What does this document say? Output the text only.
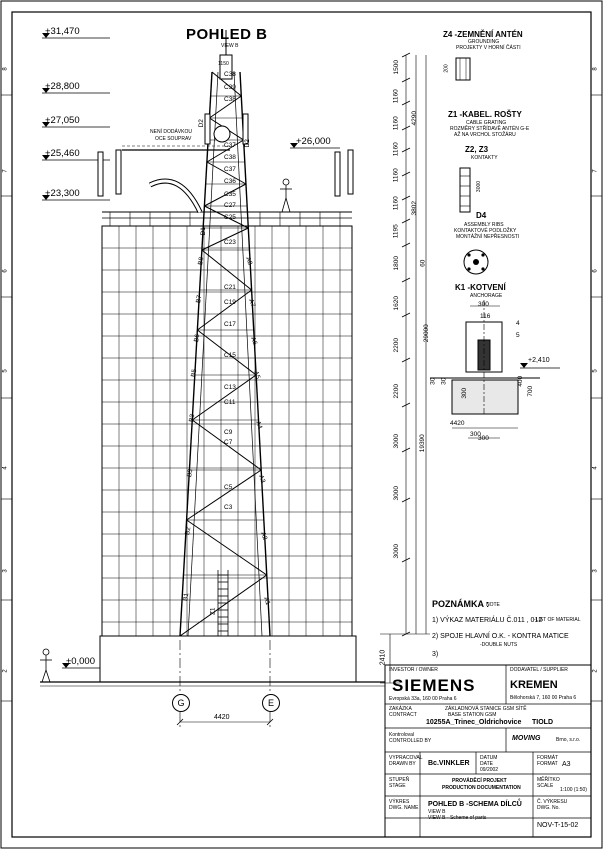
+31,470
+28,800
+27,050
+25,460
+23,300
+26,000
±0,000
+2,410
POHLED B
VIEW B
1150
NENÍ DODÁVKOU
OCE SOUPRAV
C38
C39
C38
C37
C38
C37
C36
C35
C27
C25
C23
C21
C19
C17
C15
C13
C11
C9
C7
C5
C3
A8
A7
A6
A5
A4
A3
A2
A1
B8
B7
B6
B5
B3
B3
B2
B1
D2
D1
D2
Z1
Z4 -ZEMNĚNÍ ANTÉN
GROUNDING
PROJEKTY V HORNÍ ČÁSTI
200
Z1 -KABEL. ROŠTY
CABLE GRATING
ROZMĚRY STŘÍDAVĚ ANTÉN G-E
AŽ NA VRCHOL STOŽÁRU
Z2, Z3
KONTAKTY
3000
D4
ASSEMBLY RIBS
KONTAKTOVÉ PODLOŽKY
MONTÁŽNÍ NEPŘESNOSTI
K1 -KOTVENÍ
ANCHORAGE
300
116
4
5
300
400
4420
300
700
300
30 30
POZNÁMKA :
NOTE
1) VÝKAZ MATERIÁLU Č.011 , 012
-LIST OF MATERIAL
2) SPOJE HLAVNÍ O.K. - KONTRA MATICE
-DOUBLE NUTS
3)
1500
1160
1160
1160
1160
1160
1195
1800
1620
2200
2200
3000
3000
3000
4290
3802
60
29000
19390
2410
G	E
4420
8
7
6
5
4
3
2
8
7
6
5
4
3
2
INVESTOR / OWNER
SIEMENS
Evropská 33a, 160 00 Praha 6
DODAVATEL / SUPPLIER
KREMEN
Bělohorská 7, 160 00 Praha 6
ZAKÁZKA
CONTRACT
ZÁKLADNOVÁ STANICE GSM SÍTĚ
BASE STATION GSM
10255A_Trinec_Oldrichovice TIOLD
Kontroloval
CONTROLLED BY	MOVING	Brno, s.r.o.
VYPRACOVAL
DRAWN BY Bc.VINKLER
DATUM
DATE
09/2002
FORMÁT
FORMAT A3
STUPEŇ
STAGE
PROVÁDĚCÍ PROJEKT
PRODUCTION DOCUMENTATION
MĚŘÍTKO
SCALE
1:100 (1:50)
VÝKRES
DWG. NAME POHLED B -SCHEMA DÍLCŮ
VIEW B
VIEW B - Scheme of parts
Č. VÝKRESU
DWG. No.
NOV-T-15-02
